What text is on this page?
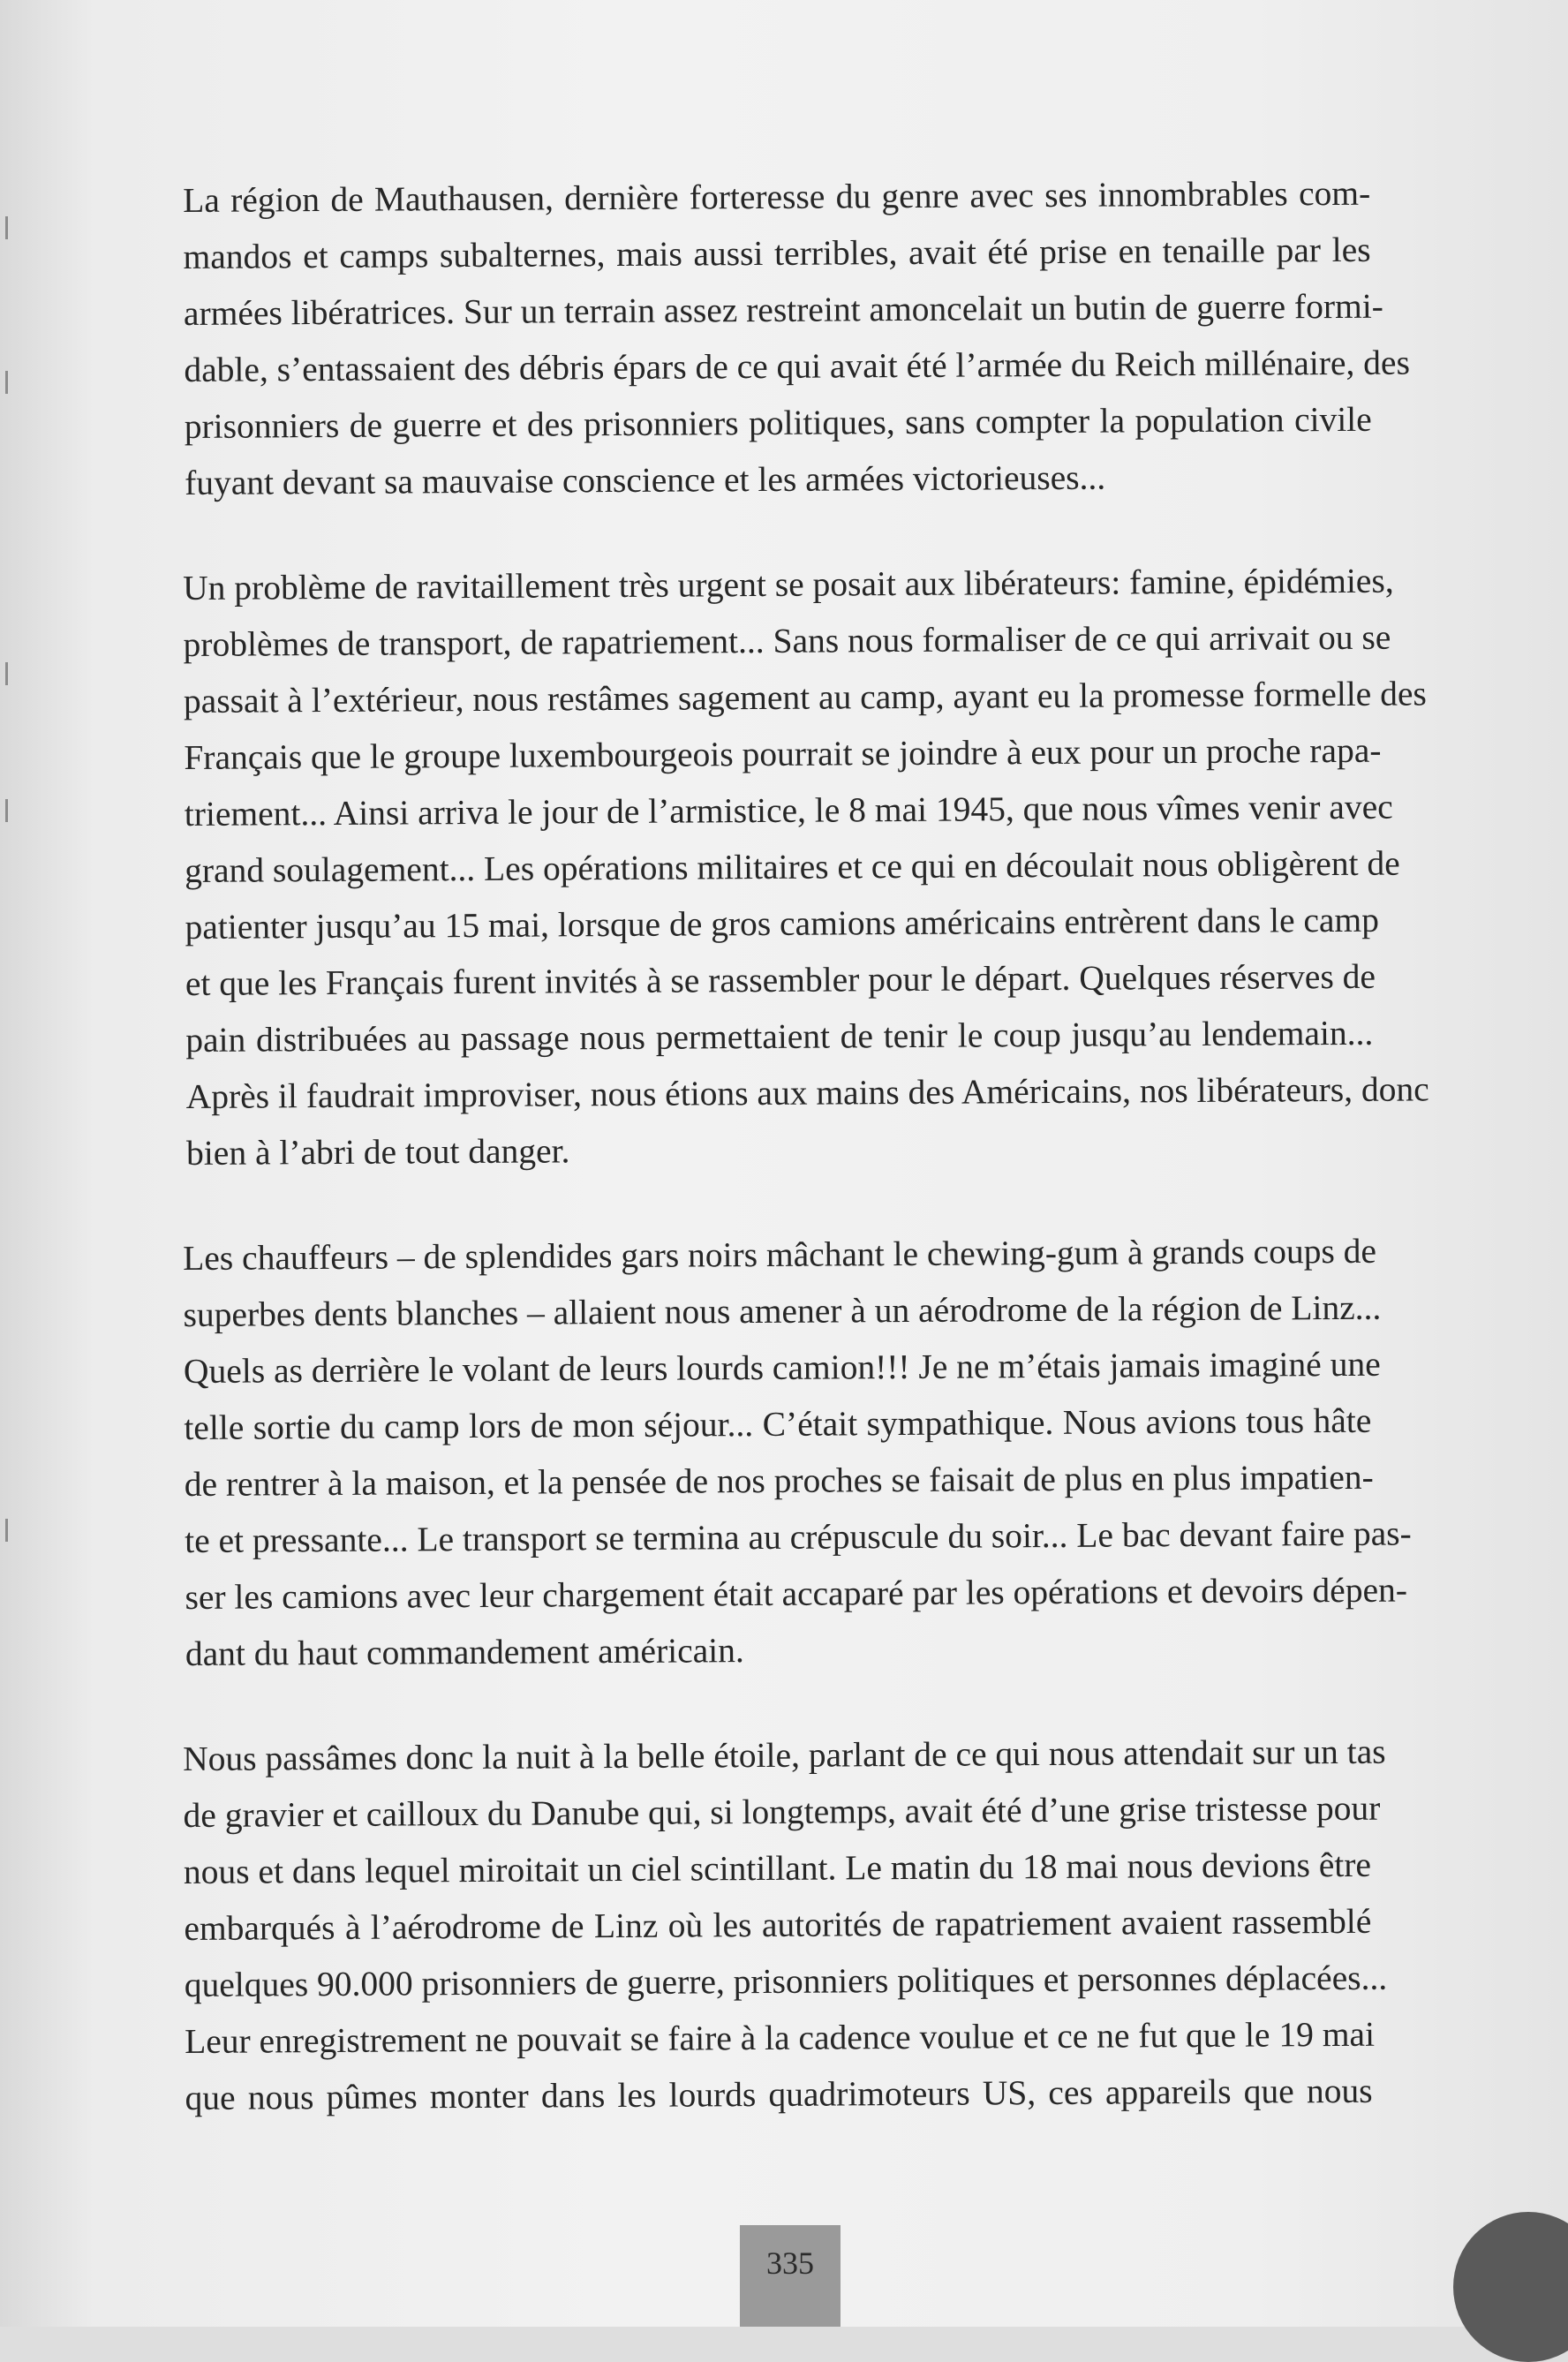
La région de Mauthausen, dernière forteresse du genre avec ses innombrables com-
mandos et camps subalternes, mais aussi terribles, avait été prise en tenaille par les
armées libératrices. Sur un terrain assez restreint amoncelait un butin de guerre formi-
dable, s’entassaient des débris épars de ce qui avait été l’armée du Reich millénaire, des
prisonniers de guerre et des prisonniers politiques, sans compter la population civile
fuyant devant sa mauvaise conscience et les armées victorieuses...

Un problème de ravitaillement très urgent se posait aux libérateurs: famine, épidémies,
problèmes de transport, de rapatriement... Sans nous formaliser de ce qui arrivait ou se
passait à l’extérieur, nous restâmes sagement au camp, ayant eu la promesse formelle des
Français que le groupe luxembourgeois pourrait se joindre à eux pour un proche rapa-
triement... Ainsi arriva le jour de l’armistice, le 8 mai 1945, que nous vîmes venir avec
grand soulagement... Les opérations militaires et ce qui en découlait nous obligèrent de
patienter jusqu’au 15 mai, lorsque de gros camions américains entrèrent dans le camp
et que les Français furent invités à se rassembler pour le départ. Quelques réserves de
pain distribuées au passage nous permettaient de tenir le coup jusqu’au lendemain...
Après il faudrait improviser, nous étions aux mains des Américains, nos libérateurs, donc
bien à l’abri de tout danger.

Les chauffeurs – de splendides gars noirs mâchant le chewing-gum à grands coups de
superbes dents blanches – allaient nous amener à un aérodrome de la région de Linz...
Quels as derrière le volant de leurs lourds camion!!! Je ne m’étais jamais imaginé une
telle sortie du camp lors de mon séjour... C’était sympathique. Nous avions tous hâte
de rentrer à la maison, et la pensée de nos proches se faisait de plus en plus impatien-
te et pressante... Le transport se termina au crépuscule du soir... Le bac devant faire pas-
ser les camions avec leur chargement était accaparé par les opérations et devoirs dépen-
dant du haut commandement américain.

Nous passâmes donc la nuit à la belle étoile, parlant de ce qui nous attendait sur un tas
de gravier et cailloux du Danube qui, si longtemps, avait été d’une grise tristesse pour
nous et dans lequel miroitait un ciel scintillant. Le matin du 18 mai nous devions être
embarqués à l’aérodrome de Linz où les autorités de rapatriement avaient rassemblé
quelques 90.000 prisonniers de guerre, prisonniers politiques et personnes déplacées...
Leur enregistrement ne pouvait se faire à la cadence voulue et ce ne fut que le 19 mai
que nous pûmes monter dans les lourds quadrimoteurs US, ces appareils que nous

335
